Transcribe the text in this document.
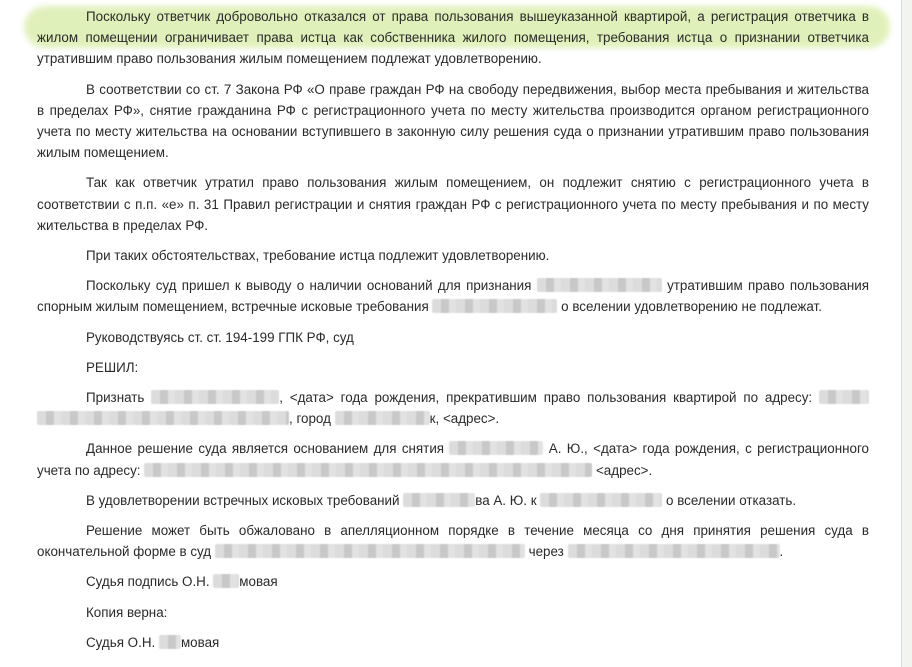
Поскольку ответчик добровольно отказался от права пользования вышеуказанной квартирой, а регистрация ответчика в жилом помещении ограничивает права истца как собственника жилого помещения, требования истца о признании ответчика утратившим право пользования жилым помещением подлежат удовлетворению.

В соответствии со ст. 7 Закона РФ «О праве граждан РФ на свободу передвижения, выбор места пребывания и жительства в пределах РФ», снятие гражданина РФ с регистрационного учета по месту жительства производится органом регистрационного учета по месту жительства на основании вступившего в законную силу решения суда о признании утратившим право пользования жилым помещением.

Так как ответчик утратил право пользования жилым помещением, он подлежит снятию с регистрационного учета в соответствии с п.п. «е» п. 31 Правил регистрации и снятия граждан РФ с регистрационного учета по месту пребывания и по месту жительства в пределах РФ.

При таких обстоятельствах, требование истца подлежит удовлетворению.

Поскольку суд пришел к выводу о наличии оснований для признания	утратившим право пользования спорным жилым помещением, встречные исковые требования	о вселении удовлетворению не подлежат.

Руководствуясь ст. ст. 194-199 ГПК РФ, суд

РЕШИЛ:

Признать	, <дата> года рождения, прекратившим право пользования квартирой по адресу:  , город	к, <адрес>.

Данное решение суда является основанием для снятия	А. Ю., <дата> года рождения, с регистрационного учета по адресу:	<адрес>.

В удовлетворении встречных исковых требований	ва А. Ю. к	о вселении отказать.

Решение может быть обжаловано в апелляционном порядке в течение месяца со дня принятия решения суда в окончательной форме в суд	через	.

Судья подпись О.Н. мовая

Копия верна:

Судья О.Н. мовая
